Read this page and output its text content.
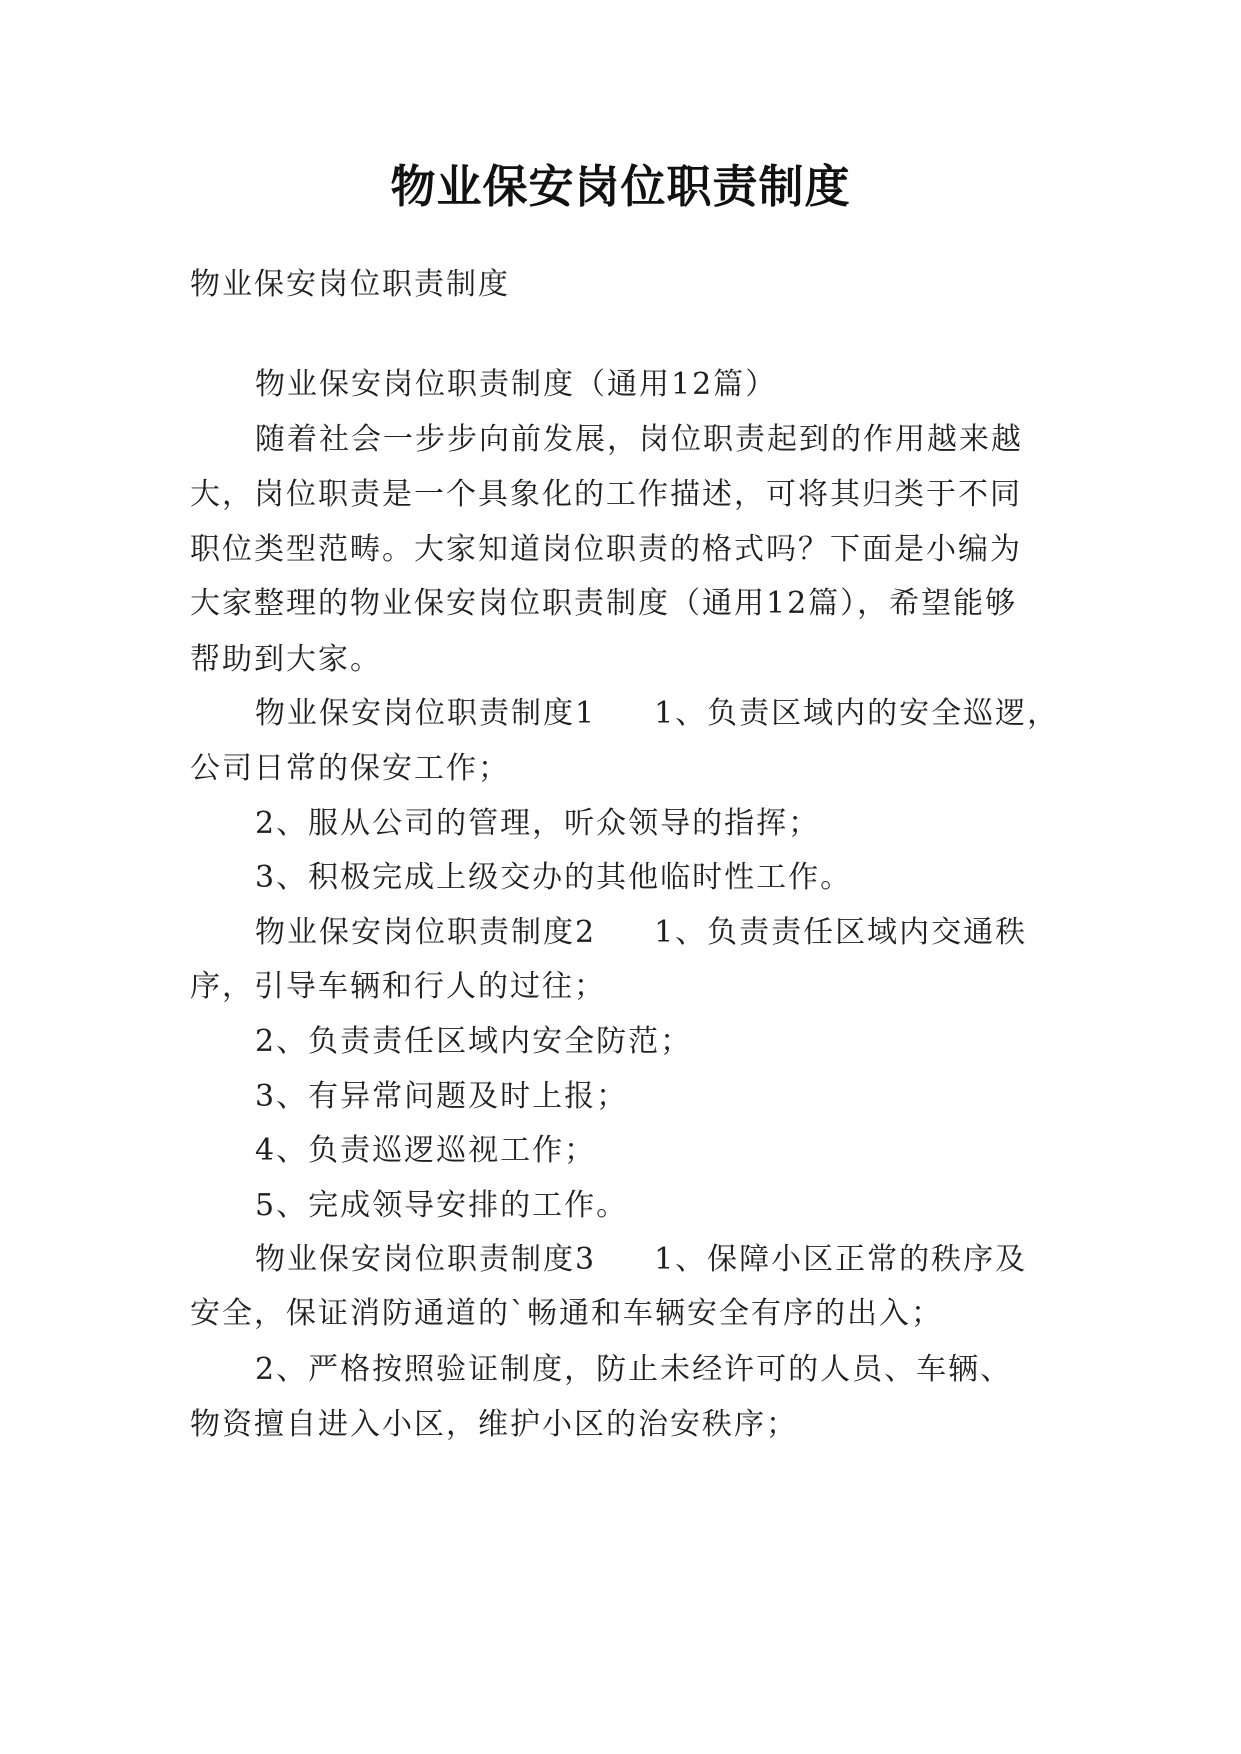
物业保安岗位职责制度
物业保安岗位职责制度
物业保安岗位职责制度（通用12篇）
随着社会一步步向前发展，岗位职责起到的作用越来越
大，岗位职责是一个具象化的工作描述，可将其归类于不同
职位类型范畴。大家知道岗位职责的格式吗？下面是小编为
大家整理的物业保安岗位职责制度（通用12篇），希望能够
帮助到大家。
物业保安岗位职责制度1 1、负责区域内的安全巡逻，
公司日常的保安工作；
2、服从公司的管理，听众领导的指挥；
3、积极完成上级交办的其他临时性工作。
物业保安岗位职责制度2 1、负责责任区域内交通秩
序，引导车辆和行人的过往；
2、负责责任区域内安全防范；
3、有异常问题及时上报；
4、负责巡逻巡视工作；
5、完成领导安排的工作。
物业保安岗位职责制度3 1、保障小区正常的秩序及
安全，保证消防通道的`畅通和车辆安全有序的出入；
2、严格按照验证制度，防止未经许可的人员、车辆、
物资擅自进入小区，维护小区的治安秩序；
